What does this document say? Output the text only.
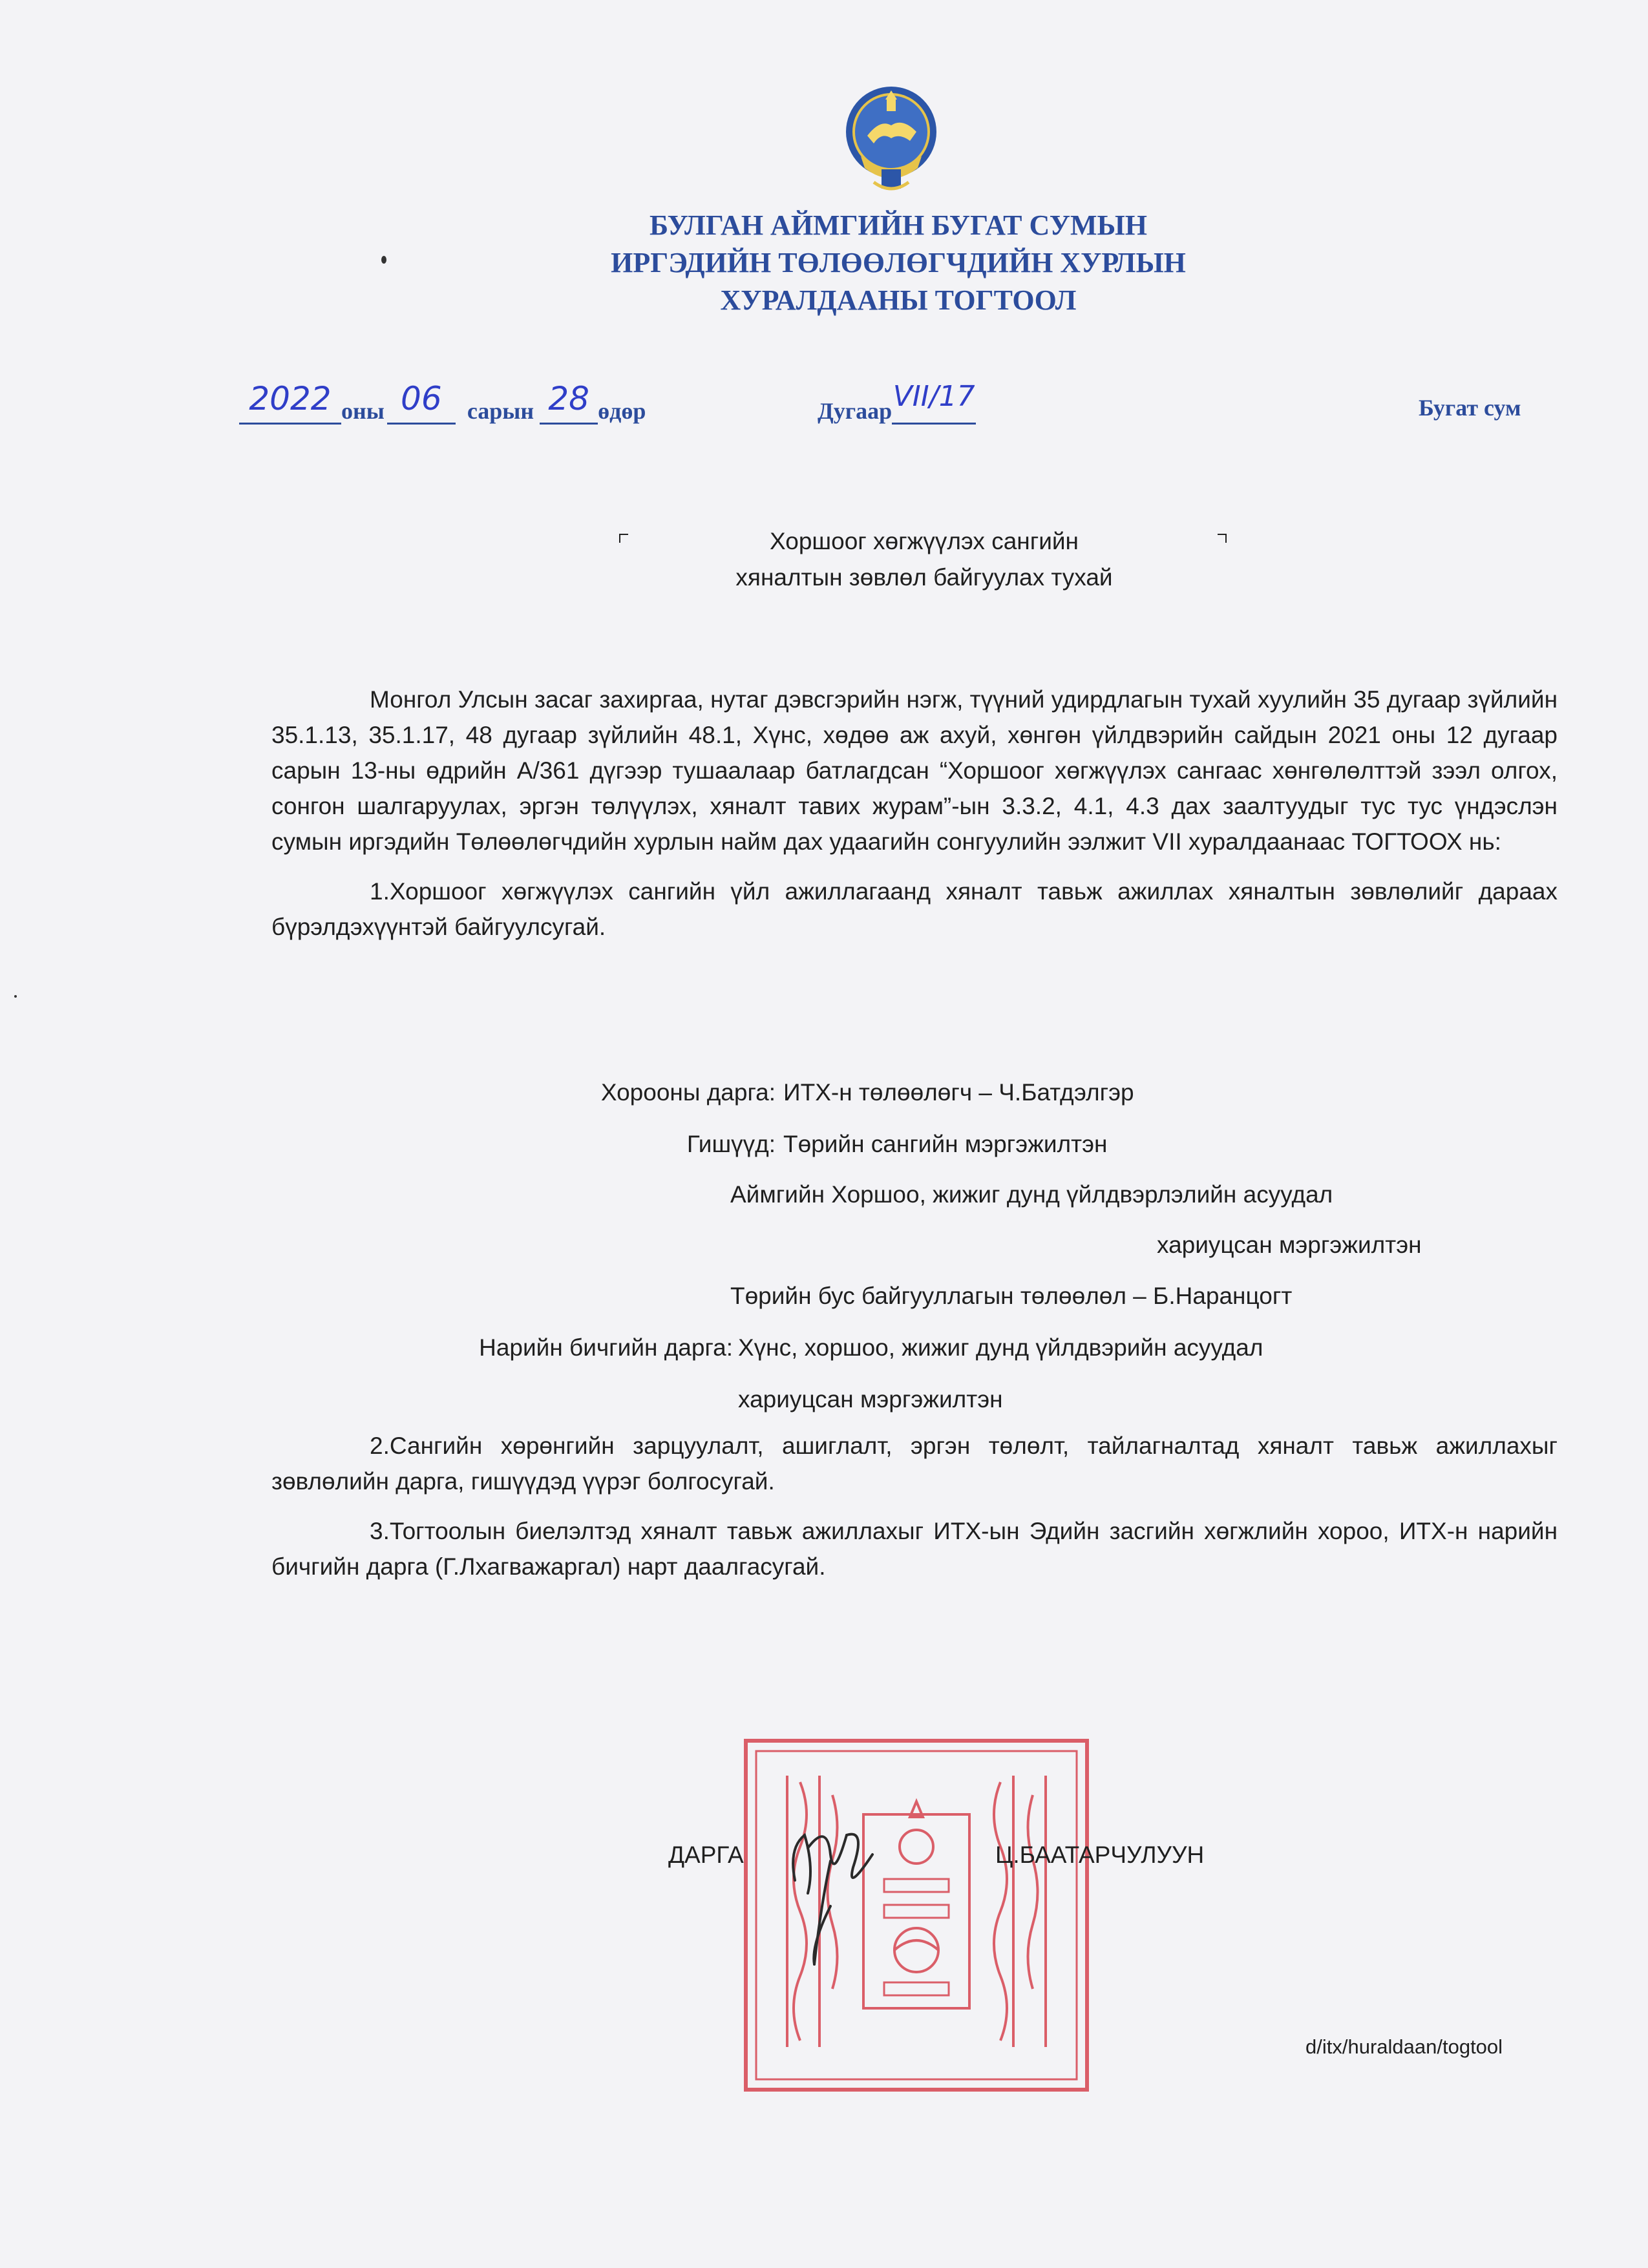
БУЛГАН АЙМГИЙН БУГАТ СУМЫН
ИРГЭДИЙН ТӨЛӨӨЛӨГЧДИЙН ХУРЛЫН
ХУРАЛДААНЫ ТОГТООЛ
2022 оны 06 сарын 28 өдөр	ДугаарVII/17	Бугат сум
Хоршоог хөгжүүлэх сангийн
хяналтын зөвлөл байгуулах тухай

Монгол Улсын засаг захиргаа, нутаг дэвсгэрийн нэгж, түүний удирдлагын тухай хуулийн 35 дугаар зүйлийн 35.1.13, 35.1.17, 48 дугаар зүйлийн 48.1, Хүнс, хөдөө аж ахуй, хөнгөн үйлдвэрийн сайдын 2021 оны 12 дугаар сарын 13-ны өдрийн А/361 дүгээр тушаалаар батлагдсан “Хоршоог хөгжүүлэх сангаас хөнгөлөлттэй зээл олгох, сонгон шалгаруулах, эргэн төлүүлэх, хяналт тавих журам”-ын 3.3.2, 4.1, 4.3 дах заалтуудыг тус тус үндэслэн сумын иргэдийн Төлөөлөгчдийн хурлын найм дах удаагийн сонгуулийн ээлжит VII хуралдаанаас ТОГТООХ нь:

1.Хоршоог хөгжүүлэх сангийн үйл ажиллагаанд хяналт тавьж ажиллах хяналтын зөвлөлийг дараах бүрэлдэхүүнтэй байгуулсугай.

Хорооны дарга: ИТХ-н төлөөлөгч – Ч.Батдэлгэр
Гишүүд: Төрийн сангийн мэргэжилтэн
Аймгийн Хоршоо, жижиг дунд үйлдвэрлэлийн асуудал
хариуцсан мэргэжилтэн
Төрийн бус байгууллагын төлөөлөл – Б.Наранцогт
Нарийн бичгийн дарга: Хүнс, хоршоо, жижиг дунд үйлдвэрийн асуудал
хариуцсан мэргэжилтэн

2.Сангийн хөрөнгийн зарцуулалт, ашиглалт, эргэн төлөлт, тайлагналтад хяналт тавьж ажиллахыг зөвлөлийн дарга, гишүүдэд үүрэг болгосугай.

3.Тогтоолын биелэлтэд хяналт тавьж ажиллахыг ИТХ-ын Эдийн засгийн хөгжлийн хороо, ИТХ-н нарийн бичгийн дарга (Г.Лхагважаргал) нарт даалгасугай.

ДАРГА	Ц.БААТАРЧУЛУУН
d/itx/huraldaan/togtool
